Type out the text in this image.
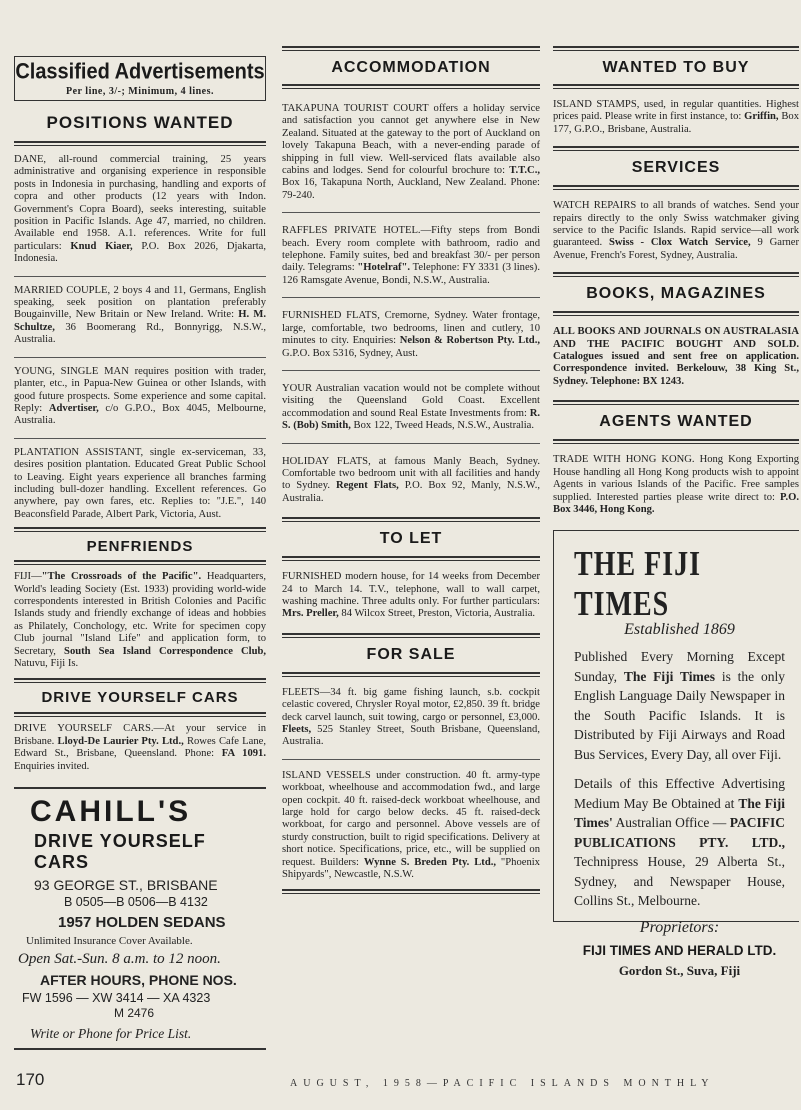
Classified Advertisements
Per line, 3/-; Minimum, 4 lines.
POSITIONS WANTED

DANE, all-round commercial training, 25 years administrative and organising experience in responsible posts in Indonesia in purchasing, handling and exports of copra and other products (12 years with Indon. Government's Copra Board), seeks interesting, suitable position in Pacific Islands. Age 47, married, no children. Available end 1958. A.1. references. Write for full particulars: Knud Kiaer, P.O. Box 2026, Djakarta, Indonesia.

MARRIED COUPLE, 2 boys 4 and 11, Germans, English speaking, seek position on plantation preferably Bougainville, New Britain or New Ireland. Write: H. M. Schultze, 36 Boomerang Rd., Bonnyrigg, N.S.W., Australia.

YOUNG, SINGLE MAN requires position with trader, planter, etc., in Papua-New Guinea or other Islands, with good future prospects. Some experience and some capital. Reply: Advertiser, c/o G.P.O., Box 4045, Melbourne, Australia.

PLANTATION ASSISTANT, single ex-serviceman, 33, desires position plantation. Educated Great Public School to Leaving. Eight years experience all branches farming including bull-dozer handling. Excellent references. Go anywhere, pay own fares, etc. Replies to: "J.E.", 140 Beaconsfield Parade, Albert Park, Victoria, Aust.

PENFRIENDS

FIJI—"The Crossroads of the Pacific". Headquarters, World's leading Society (Est. 1933) providing world-wide correspondents interested in British Colonies and Pacific Islands study and friendly exchange of ideas and hobbies as Philately, Conchology, etc. Write for specimen copy Club journal "Island Life" and application form, to Secretary, South Sea Island Correspondence Club, Natuvu, Fiji Is.

DRIVE YOURSELF CARS

DRIVE YOURSELF CARS.—At your service in Brisbane. Lloyd-De Laurier Pty. Ltd., Rowes Cafe Lane, Edward St., Brisbane, Queensland. Phone: FA 1091. Enquiries invited.

CAHILL'S
DRIVE YOURSELF CARS
93 GEORGE ST., BRISBANE
B 0505—B 0506—B 4132
1957 HOLDEN SEDANS
Unlimited Insurance Cover Available.
Open Sat.-Sun. 8 a.m. to 12 noon.
AFTER HOURS, PHONE NOS.
FW 1596 — XW 3414 — XA 4323
M 2476
Write or Phone for Price List.
ACCOMMODATION

TAKAPUNA TOURIST COURT offers a holiday service and satisfaction you cannot get anywhere else in New Zealand. Situated at the gateway to the port of Auckland on lovely Takapuna Beach, with a never-ending parade of shipping in full view. Well-serviced flats available also cabins and lodges. Send for colourful brochure to: T.T.C., Box 16, Takapuna North, Auckland, New Zealand. Phone: 79-240.

RAFFLES PRIVATE HOTEL.—Fifty steps from Bondi beach. Every room complete with bathroom, radio and telephone. Family suites, bed and breakfast 30/- per person daily. Telegrams: "Hotelraf". Telephone: FY 3331 (3 lines). 126 Ramsgate Avenue, Bondi, N.S.W., Australia.

FURNISHED FLATS, Cremorne, Sydney. Water frontage, large, comfortable, two bedrooms, linen and cutlery, 10 minutes to city. Enquiries: Nelson & Robertson Pty. Ltd., G.P.O. Box 5316, Sydney, Aust.

YOUR Australian vacation would not be complete without visiting the Queensland Gold Coast. Excellent accommodation and sound Real Estate Investments from: R. S. (Bob) Smith, Box 122, Tweed Heads, N.S.W., Australia.

HOLIDAY FLATS, at famous Manly Beach, Sydney. Comfortable two bedroom unit with all facilities and handy to Sydney. Regent Flats, P.O. Box 92, Manly, N.S.W., Australia.

TO LET

FURNISHED modern house, for 14 weeks from December 24 to March 14. T.V., telephone, wall to wall carpet, washing machine. Three adults only. For further particulars: Mrs. Preller, 84 Wilcox Street, Preston, Victoria, Australia.

FOR SALE

FLEETS—34 ft. big game fishing launch, s.b. cockpit celastic covered, Chrysler Royal motor, £2,850. 39 ft. bridge deck carvel launch, suit towing, cargo or personnel, £3,000. Fleets, 525 Stanley Street, South Brisbane, Queensland, Australia.

ISLAND VESSELS under construction. 40 ft. army-type workboat, wheelhouse and accommodation fwd., and large open cockpit. 40 ft. raised-deck workboat wheelhouse, and large hold for cargo below decks. 45 ft. raised-deck workboat, for cargo and personnel. Above vessels are of sturdy construction, built to rigid specifications. Delivery at short notice. Specifications, price, etc., will be supplied on request. Builders: Wynne S. Breden Pty. Ltd., "Phoenix Shipyards", Newcastle, N.S.W.

WANTED TO BUY

ISLAND STAMPS, used, in regular quantities. Highest prices paid. Please write in first instance, to: Griffin, Box 177, G.P.O., Brisbane, Australia.

SERVICES

WATCH REPAIRS to all brands of watches. Send your repairs directly to the only Swiss watchmaker giving service to the Pacific Islands. Rapid service—all work guaranteed. Swiss - Clox Watch Service, 9 Garner Avenue, French's Forest, Sydney, Australia.

BOOKS, MAGAZINES

ALL BOOKS AND JOURNALS ON AUSTRALASIA AND THE PACIFIC BOUGHT AND SOLD. Catalogues issued and sent free on application. Correspondence invited. Berkelouw, 38 King St., Sydney. Telephone: BX 1243.

AGENTS WANTED

TRADE WITH HONG KONG. Hong Kong Exporting House handling all Hong Kong products wish to appoint Agents in various Islands of the Pacific. Free samples supplied. Interested parties please write direct to: P.O. Box 3446, Hong Kong.

THE FIJI TIMES
Established 1869

Published Every Morning Except Sunday, The Fiji Times is the only English Language Daily Newspaper in the South Pacific Islands. It is Distributed by Fiji Airways and Road Bus Services, Every Day, all over Fiji.

Details of this Effective Advertising Medium May Be Obtained at The Fiji Times' Australian Office — PACIFIC PUBLICATIONS PTY. LTD., Technipress House, 29 Alberta St., Sydney, and Newspaper House, Collins St., Melbourne.

Proprietors:
FIJI TIMES AND HERALD LTD.
Gordon St., Suva, Fiji
170	AUGUST, 1958—PACIFIC ISLANDS MONTHLY
